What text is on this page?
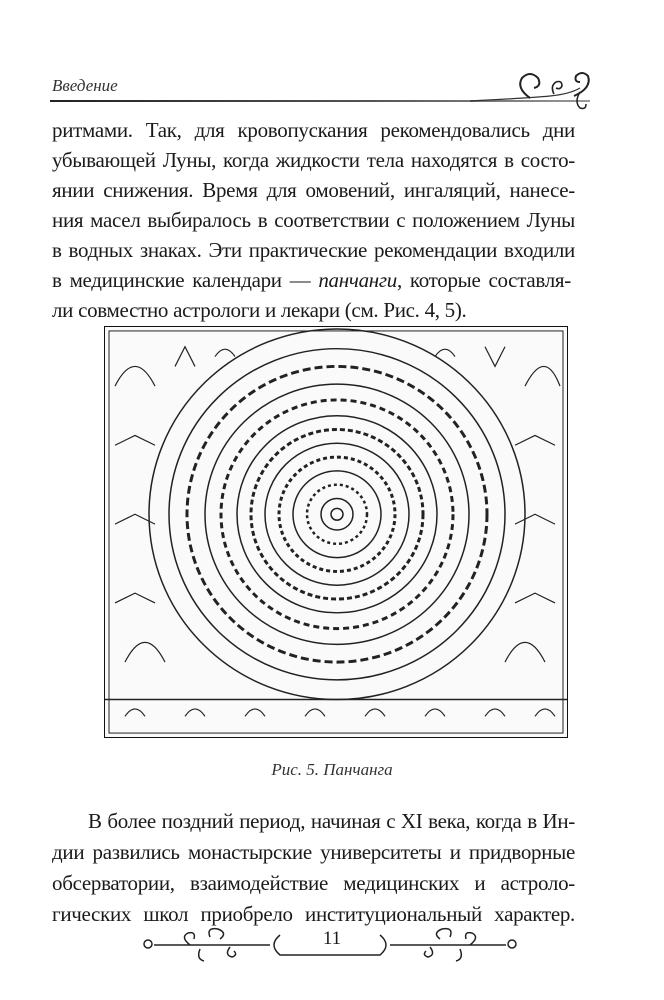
Введение
ритмами. Так, для кровопускания рекомендовались дни
убывающей Луны, когда жидкости тела находятся в состо-
янии снижения. Время для омовений, ингаляций, нанесе-
ния масел выбиралось в соответствии с положением Луны
в водных знаках. Эти практические рекомендации входили
в медицинские календари — панчанги, которые составля-
ли совместно астрологи и лекари (см. Рис. 4, 5).
Рис. 5. Панчанга
В более поздний период, начиная с XI века, когда в Ин-
дии развились монастырские университеты и придворные
обсерватории, взаимодействие медицинских и астроло-
гических школ приобрело институциональный характер.
11
